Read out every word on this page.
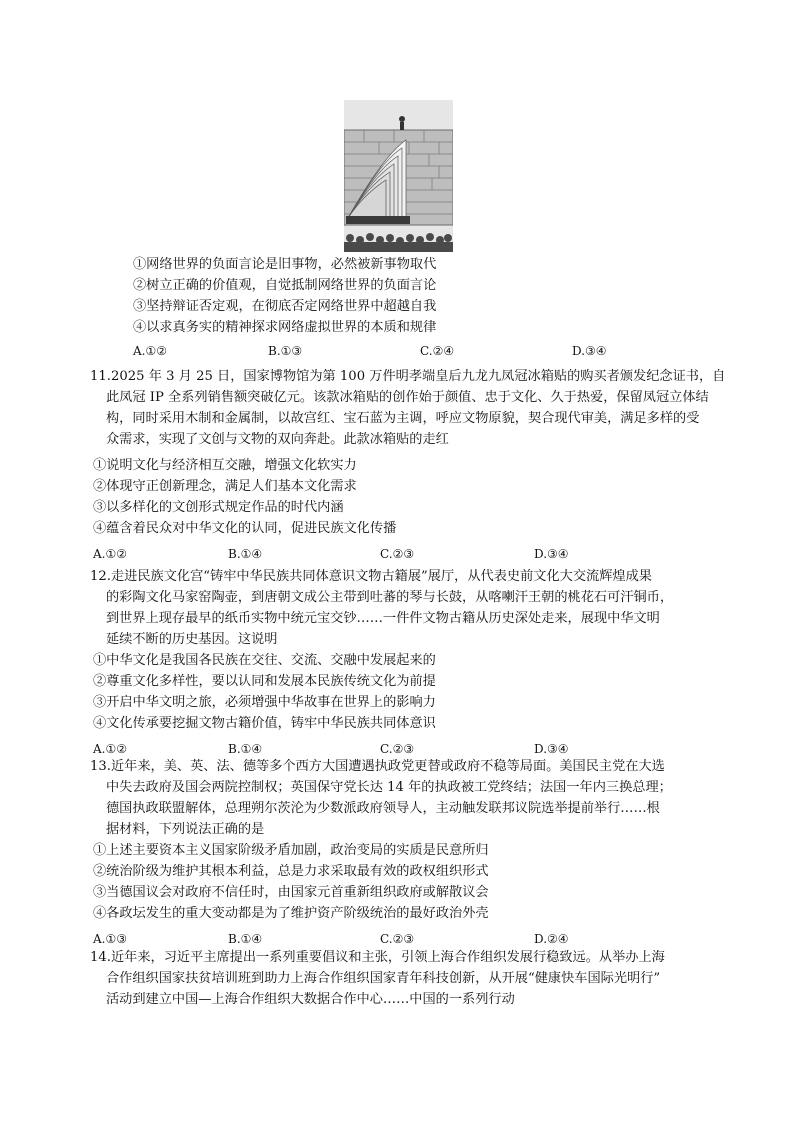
①网络世界的负面言论是旧事物，必然被新事物取代
②树立正确的价值观，自觉抵制网络世界的负面言论
③坚持辩证否定观，在彻底否定网络世界中超越自我
④以求真务实的精神探求网络虚拟世界的本质和规律
A.①②	B.①③	C.②④	D.③④
11.2025 年 3 月 25 日，国家博物馆为第 100 万件明孝端皇后九龙九凤冠冰箱贴的购买者颁发纪念证书，自
此凤冠 IP 全系列销售额突破亿元。该款冰箱贴的创作始于颜值、忠于文化、久于热爱，保留凤冠立体结
构，同时采用木制和金属制，以故宫红、宝石蓝为主调，呼应文物原貌，契合现代审美，满足多样的受
众需求，实现了文创与文物的双向奔赴。此款冰箱贴的走红
①说明文化与经济相互交融，增强文化软实力
②体现守正创新理念，满足人们基本文化需求
③以多样化的文创形式规定作品的时代内涵
④蕴含着民众对中华文化的认同，促进民族文化传播
A.①②	B.①④	C.②③	D.③④
12.走进民族文化宫“铸牢中华民族共同体意识文物古籍展”展厅，从代表史前文化大交流辉煌成果
的彩陶文化马家窑陶壶，到唐朝文成公主带到吐蕃的琴与长鼓，从喀喇汗王朝的桃花石可汗铜币，
到世界上现存最早的纸币实物中统元宝交钞……一件件文物古籍从历史深处走来，展现中华文明
延续不断的历史基因。这说明
①中华文化是我国各民族在交往、交流、交融中发展起来的
②尊重文化多样性，要以认同和发展本民族传统文化为前提
③开启中华文明之旅，必须增强中华故事在世界上的影响力
④文化传承要挖掘文物古籍价值，铸牢中华民族共同体意识
A.①②	B.①④	C.②③	D.③④
13.近年来，美、英、法、德等多个西方大国遭遇执政党更替或政府不稳等局面。美国民主党在大选
中失去政府及国会两院控制权；英国保守党长达 14 年的执政被工党终结；法国一年内三换总理；
德国执政联盟解体，总理朔尔茨沦为少数派政府领导人，主动触发联邦议院选举提前举行……根
据材料，下列说法正确的是
①上述主要资本主义国家阶级矛盾加剧，政治变局的实质是民意所归
②统治阶级为维护其根本利益，总是力求采取最有效的政权组织形式
③当德国议会对政府不信任时，由国家元首重新组织政府或解散议会
④各政坛发生的重大变动都是为了维护资产阶级统治的最好政治外壳
A.①③	B.①④	C.②③	D.②④
14.近年来，习近平主席提出一系列重要倡议和主张，引领上海合作组织发展行稳致远。从举办上海
合作组织国家扶贫培训班到助力上海合作组织国家青年科技创新，从开展“健康快车国际光明行”
活动到建立中国—上海合作组织大数据合作中心……中国的一系列行动
